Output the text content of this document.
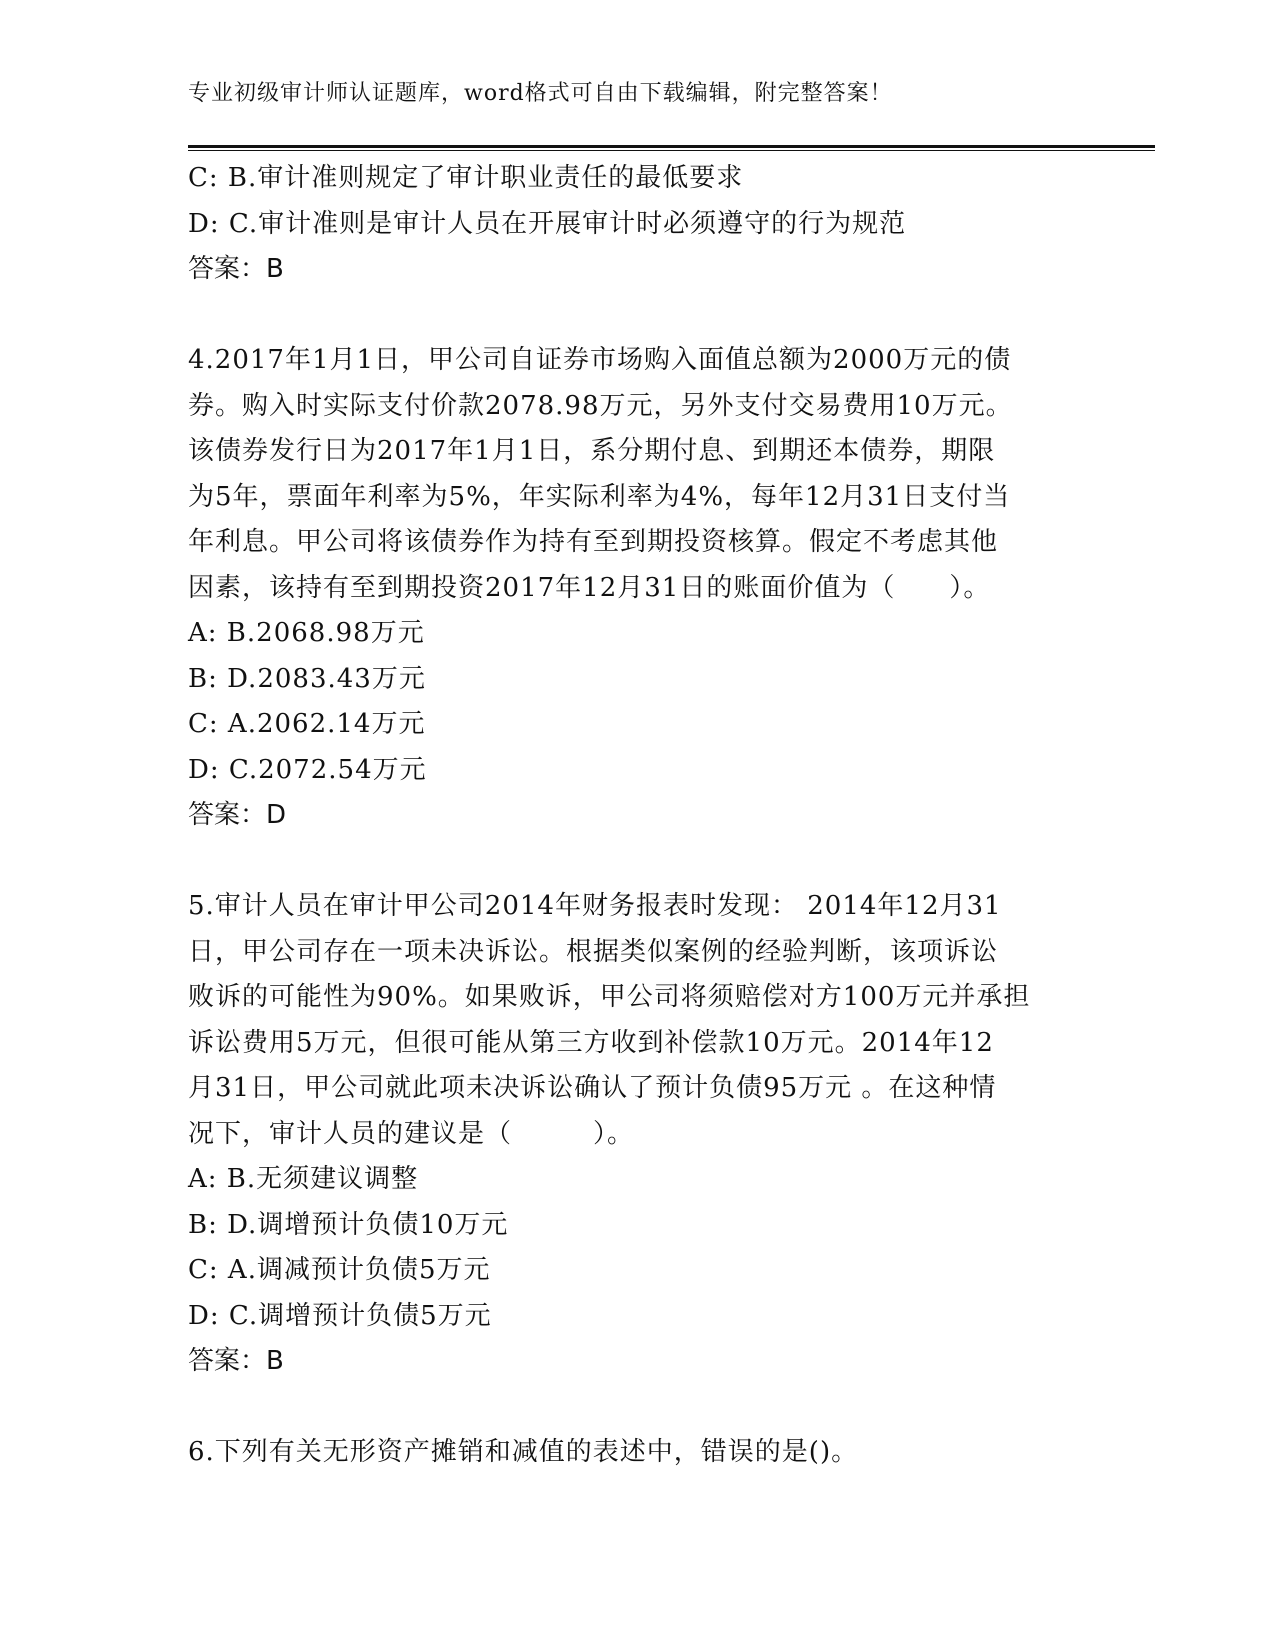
专业初级审计师认证题库，word格式可自由下载编辑，附完整答案！
C: B.审计准则规定了审计职业责任的最低要求
D: C.审计准则是审计人员在开展审计时必须遵守的行为规范
答案：B
4.2017年1月1日，甲公司自证券市场购入面值总额为2000万元的债
券。购入时实际支付价款2078.98万元，另外支付交易费用10万元。
该债券发行日为2017年1月1日，系分期付息、到期还本债券，期限
为5年，票面年利率为5%，年实际利率为4%，每年12月31日支付当
年利息。甲公司将该债券作为持有至到期投资核算。假定不考虑其他
因素，该持有至到期投资2017年12月31日的账面价值为（　　）。
A: B.2068.98万元
B: D.2083.43万元
C: A.2062.14万元
D: C.2072.54万元
答案：D
5.审计人员在审计甲公司2014年财务报表时发现： 2014年12月31
日，甲公司存在一项未决诉讼。根据类似案例的经验判断，该项诉讼
败诉的可能性为90%。如果败诉，甲公司将须赔偿对方100万元并承担
诉讼费用5万元，但很可能从第三方收到补偿款10万元。2014年12
月31日，甲公司就此项未决诉讼确认了预计负债95万元 。在这种情
况下，审计人员的建议是（　　　）。
A: B.无须建议调整
B: D.调增预计负债10万元
C: A.调减预计负债5万元
D: C.调增预计负债5万元
答案：B
6.下列有关无形资产摊销和减值的表述中，错误的是()。
